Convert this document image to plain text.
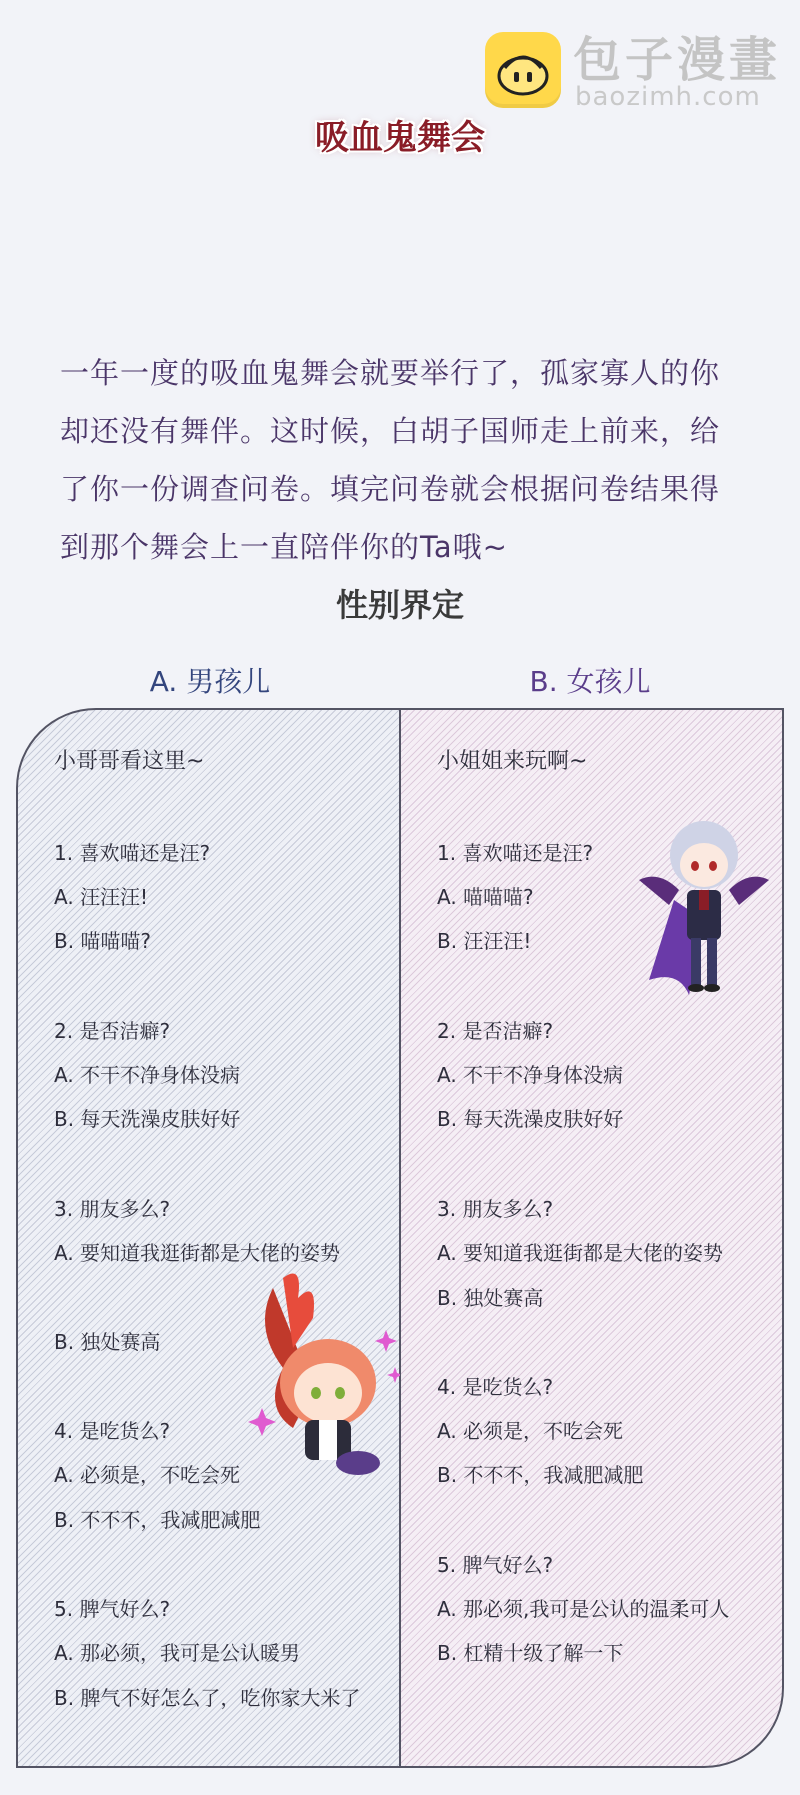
包子漫畫
baozimh.com
吸血鬼舞会
一年一度的吸血鬼舞会就要举行了，孤家寡人的你
却还没有舞伴。这时候，白胡子国师走上前来，给
了你一份调查问卷。填完问卷就会根据问卷结果得
到那个舞会上一直陪伴你的Ta哦~
性别界定
A. 男孩儿	B. 女孩儿
小哥哥看这里~
1. 喜欢喵还是汪?
A. 汪汪汪!
B. 喵喵喵?
2. 是否洁癖?
A. 不干不净身体没病
B. 每天洗澡皮肤好好
3. 朋友多么?
A. 要知道我逛街都是大佬的姿势
B. 独处赛高
4. 是吃货么?
A. 必须是，不吃会死
B. 不不不，我减肥减肥
5. 脾气好么?
A. 那必须，我可是公认暖男
B. 脾气不好怎么了，吃你家大米了
小姐姐来玩啊~
1. 喜欢喵还是汪?
A. 喵喵喵?
B. 汪汪汪!
2. 是否洁癖?
A. 不干不净身体没病
B. 每天洗澡皮肤好好
3. 朋友多么?
A. 要知道我逛街都是大佬的姿势
B. 独处赛高
4. 是吃货么?
A. 必须是，不吃会死
B. 不不不，我减肥减肥
5. 脾气好么?
A. 那必须,我可是公认的温柔可人
B. 杠精十级了解一下
